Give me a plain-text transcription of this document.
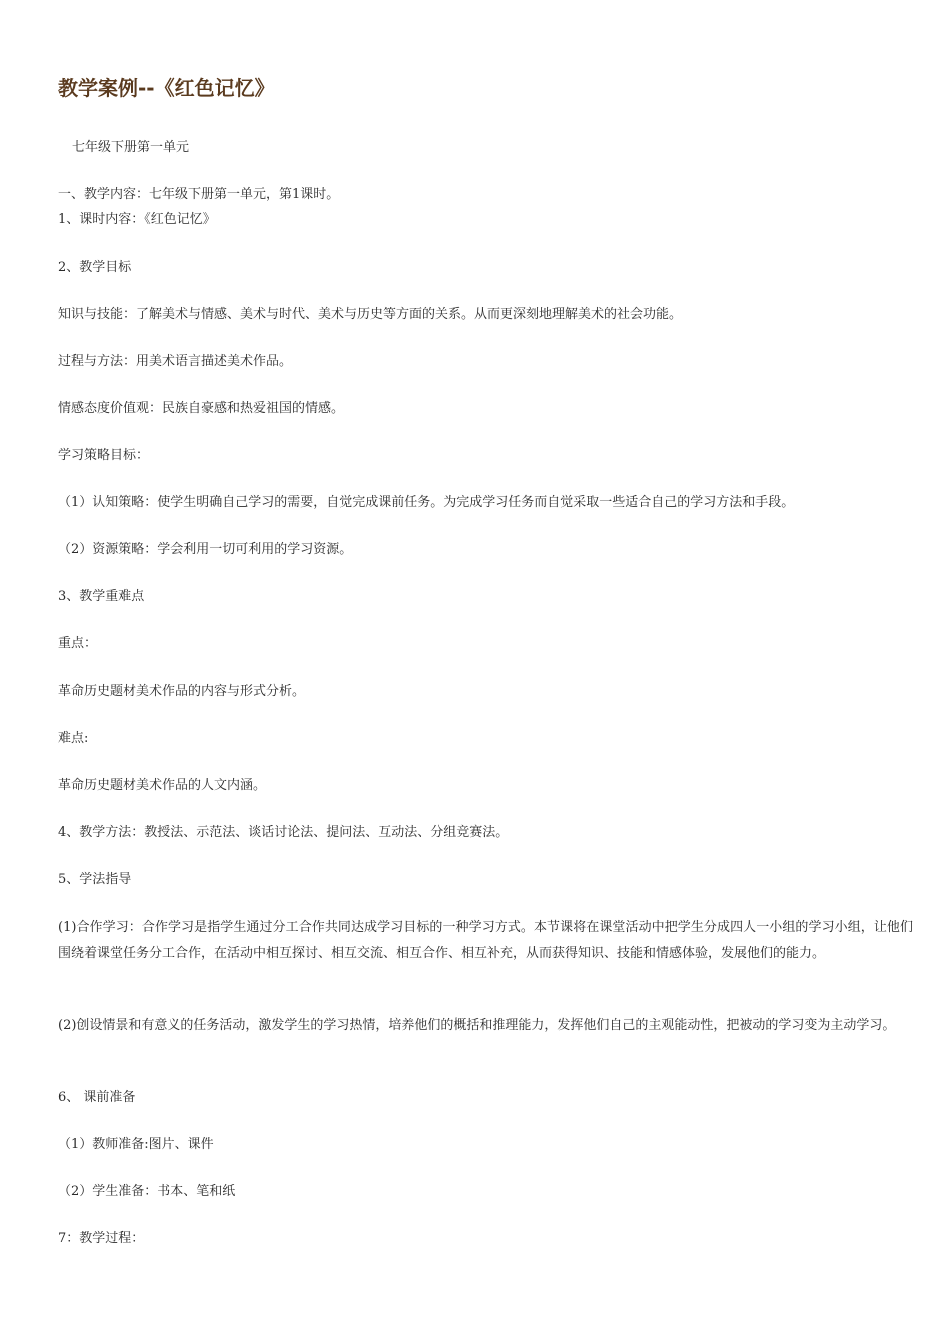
教学案例--《红色记忆》
七年级下册第一单元
一、教学内容：七年级下册第一单元，第1课时。
1、课时内容：《红色记忆》
2、教学目标
知识与技能：了解美术与情感、美术与时代、美术与历史等方面的关系。从而更深刻地理解美术的社会功能。
过程与方法：用美术语言描述美术作品。
情感态度价值观：民族自豪感和热爱祖国的情感。
学习策略目标：
（1）认知策略：使学生明确自己学习的需要，自觉完成课前任务。为完成学习任务而自觉采取一些适合自己的学习方法和手段。
（2）资源策略：学会利用一切可利用的学习资源。
3、教学重难点
重点：
革命历史题材美术作品的内容与形式分析。
难点:
革命历史题材美术作品的人文内涵。
4、教学方法：教授法、示范法、谈话讨论法、提问法、互动法、分组竞赛法。
5、学法指导
(1)合作学习：合作学习是指学生通过分工合作共同达成学习目标的一种学习方式。本节课将在课堂活动中把学生分成四人一小组的学习小组，让他们围绕着课堂任务分工合作，在活动中相互探讨、相互交流、相互合作、相互补充，从而获得知识、技能和情感体验，发展他们的能力。
(2)创设情景和有意义的任务活动，激发学生的学习热情，培养他们的概括和推理能力，发挥他们自己的主观能动性，把被动的学习变为主动学习。
6、 课前准备
（1）教师准备:图片、课件
（2）学生准备：书本、笔和纸
7：教学过程：
